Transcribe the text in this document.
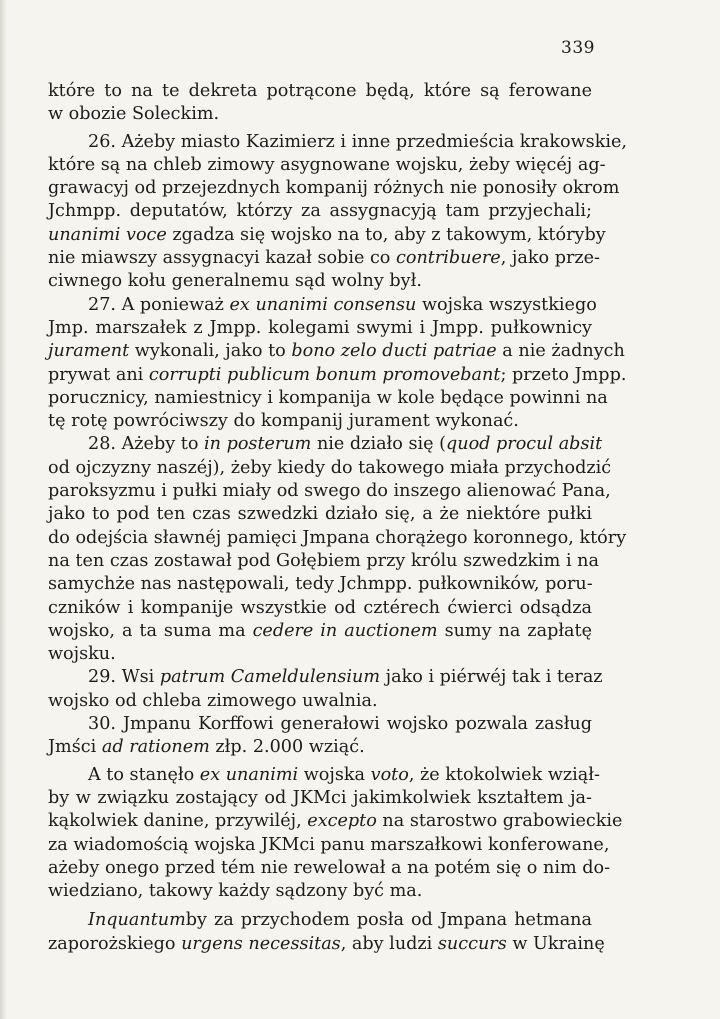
339
które to na te dekreta potrącone będą, które są ferowane
w obozie Soleckim.
26. Ażeby miasto Kazimierz i inne przedmieścia krakowskie,
które są na chleb zimowy asygnowane wojsku, żeby więcéj ag-
grawacyj od przejezdnych kompanij różnych nie ponosiły okrom
Jchmpp. deputatów, którzy za assygnacyją tam przyjechali;
unanimi voce zgadza się wojsko na to, aby z takowym, któryby
nie miawszy assygnacyi kazał sobie co contribuere, jako prze-
ciwnego kołu generalnemu sąd wolny był.
27. A ponieważ ex unanimi consensu wojska wszystkiego
Jmp. marszałek z Jmpp. kolegami swymi i Jmpp. pułkownicy
jurament wykonali, jako to bono zelo ducti patriae a nie żadnych
prywat ani corrupti publicum bonum promovebant; przeto Jmpp.
porucznicy, namiestnicy i kompanija w kole będące powinni na
tę rotę powróciwszy do kompanij jurament wykonać.
28. Ażeby to in posterum nie działo się (quod procul absit
od ojczyzny naszéj), żeby kiedy do takowego miała przychodzić
paroksyzmu i pułki miały od swego do inszego alienować Pana,
jako to pod ten czas szwedzki działo się, a że niektóre pułki
do odejścia sławnéj pamięci Jmpana chorążego koronnego, który
na ten czas zostawał pod Gołębiem przy królu szwedzkim i na
samychże nas następowali, tedy Jchmpp. pułkowników, poru-
czników i kompanije wszystkie od cztérech ćwierci odsądza
wojsko, a ta suma ma cedere in auctionem sumy na zapłatę
wojsku.
29. Wsi patrum Cameldulensium jako i piérwéj tak i teraz
wojsko od chleba zimowego uwalnia.
30. Jmpanu Korffowi generałowi wojsko pozwala zasług
Jmści ad rationem złp. 2.000 wziąć.
A to stanęło ex unanimi wojska voto, że ktokolwiek wziął-
by w związku zostający od JKMci jakimkolwiek kształtem ja-
kąkolwiek danine, przywiléj, excepto na starostwo grabowieckie
za wiadomością wojska JKMci panu marszałkowi konferowane,
ażeby onego przed tém nie rewelował a na potém się o nim do-
wiedziano, takowy każdy sądzony być ma.
Inquantumby za przychodem posła od Jmpana hetmana
zaporożskiego urgens necessitas, aby ludzi succurs w Ukrainę
